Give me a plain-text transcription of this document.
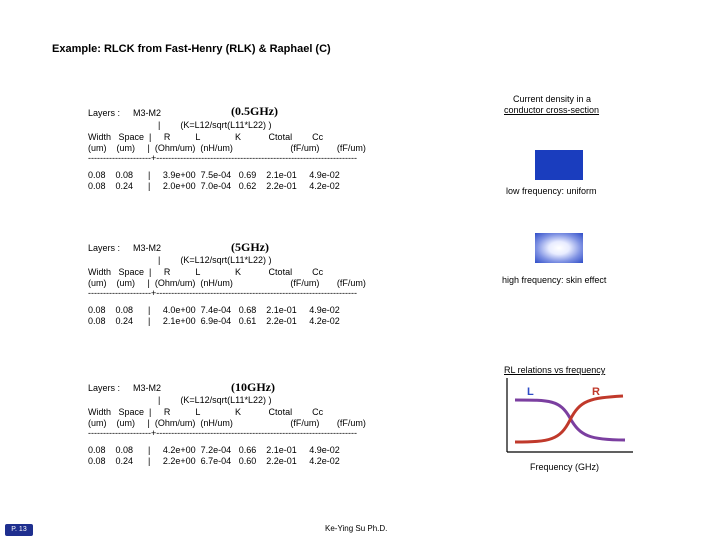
Example: RLCK from Fast-Henry (RLK) & Raphael (C)
Layers : M3-M2
|        (K=L12/sqrt(L11*L22) )
Width   Space  |     R          L              K           Ctotal        Cc
(um)    (um)     |  (Ohm/um)  (nH/um)                       (fF/um)       (fF/um)
---------------------+-------------------------------------------------------------------
0.08    0.08      |     3.9e+00  7.5e-04   0.69    2.1e-01     4.9e-02
0.08    0.24      |     2.0e+00  7.0e-04   0.62    2.2e-01     4.2e-02
(0.5GHz)
Layers : M3-M2
|        (K=L12/sqrt(L11*L22) )
Width   Space  |     R          L              K           Ctotal        Cc
(um)    (um)     |  (Ohm/um)  (nH/um)                       (fF/um)       (fF/um)
---------------------+-------------------------------------------------------------------
0.08    0.08      |     4.0e+00  7.4e-04   0.68    2.1e-01     4.9e-02
0.08    0.24      |     2.1e+00  6.9e-04   0.61    2.2e-01     4.2e-02
(5GHz)
Layers : M3-M2
|        (K=L12/sqrt(L11*L22) )
Width   Space  |     R          L              K           Ctotal        Cc
(um)    (um)     |  (Ohm/um)  (nH/um)                       (fF/um)       (fF/um)
---------------------+-------------------------------------------------------------------
0.08    0.08      |     4.2e+00  7.2e-04   0.66    2.1e-01     4.9e-02
0.08    0.24      |     2.2e+00  6.7e-04   0.60    2.2e-01     4.2e-02
(10GHz)
Current density in a
conductor cross-section
low frequency: uniform
high frequency: skin effect
RL relations vs frequency
L	R
Frequency (GHz)
P. 13	Ke-Ying Su Ph.D.
